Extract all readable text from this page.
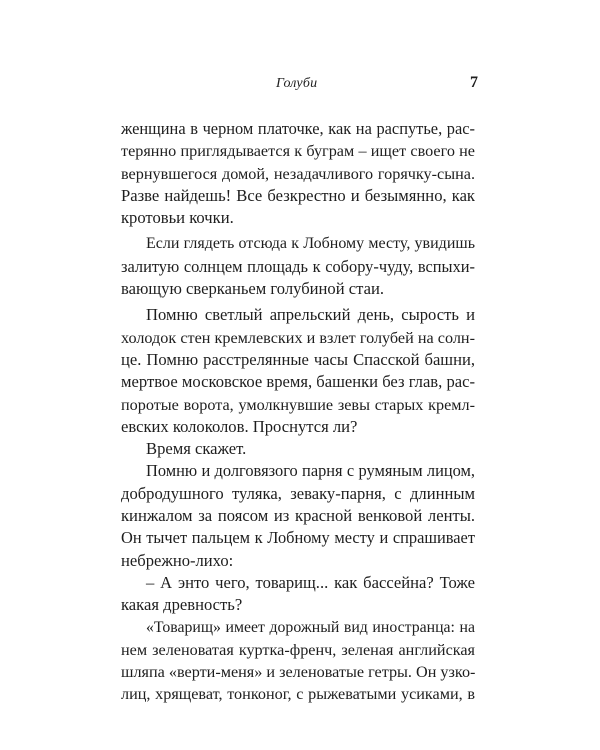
Голуби	7
женщина в черном платочке, как на распутье, рас-
терянно приглядывается к буграм – ищет своего не
вернувшегося домой, незадачливого горячку-сына.
Разве найдешь! Все безкрестно и безымянно, как
кротовьи кочки.
Если глядеть отсюда к Лобному месту, увидишь
залитую солнцем площадь к собору-чуду, вспыхи-
вающую сверканьем голубиной стаи.
Помню светлый апрельский день, сырость и
холодок стен кремлевских и взлет голубей на солн-
це. Помню расстрелянные часы Спасской башни,
мертвое московское время, башенки без глав, рас-
поротые ворота, умолкнувшие зевы старых кремл-
евских колоколов. Проснутся ли?
Время скажет.
Помню и долговязого парня с румяным лицом,
добродушного туляка, зеваку-парня, с длинным
кинжалом за поясом из красной венковой ленты.
Он тычет пальцем к Лобному месту и спрашивает
небрежно-лихо:
– А энто чего, товарищ... как бассейна? Тоже
какая древность?
«Товарищ» имеет дорожный вид иностранца: на
нем зеленоватая куртка-френч, зеленая английская
шляпа «верти-меня» и зеленоватые гетры. Он узко-
лиц, хрящеват, тонконог, с рыжеватыми усиками, в
